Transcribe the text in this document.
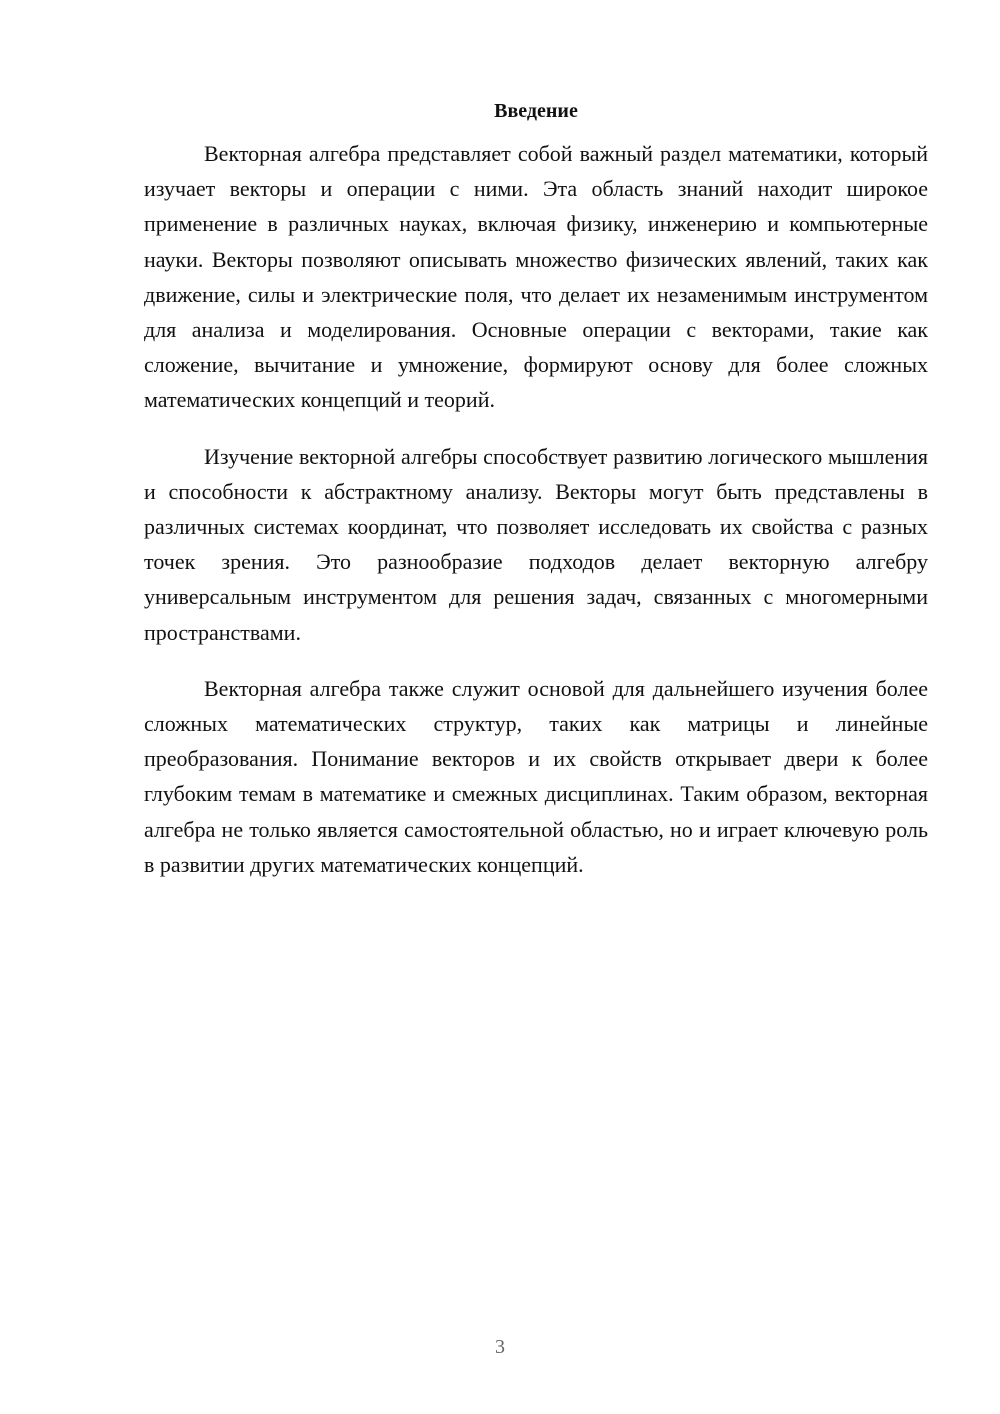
Введение

Векторная алгебра представляет собой важный раздел математики, который изучает векторы и операции с ними. Эта область знаний находит широкое применение в различных науках, включая физику, инженерию и компьютерные науки. Векторы позволяют описывать множество физических явлений, таких как движение, силы и электрические поля, что делает их незаменимым инструментом для анализа и моделирования. Основные операции с векторами, такие как сложение, вычитание и умножение, формируют основу для более сложных математических концепций и теорий.

Изучение векторной алгебры способствует развитию логического мышления и способности к абстрактному анализу. Векторы могут быть представлены в различных системах координат, что позволяет исследовать их свойства с разных точек зрения. Это разнообразие подходов делает векторную алгебру универсальным инструментом для решения задач, связанных с многомерными пространствами.

Векторная алгебра также служит основой для дальнейшего изучения более сложных математических структур, таких как матрицы и линейные преобразования. Понимание векторов и их свойств открывает двери к более глубоким темам в математике и смежных дисциплинах. Таким образом, векторная алгебра не только является самостоятельной областью, но и играет ключевую роль в развитии других математических концепций.

3
